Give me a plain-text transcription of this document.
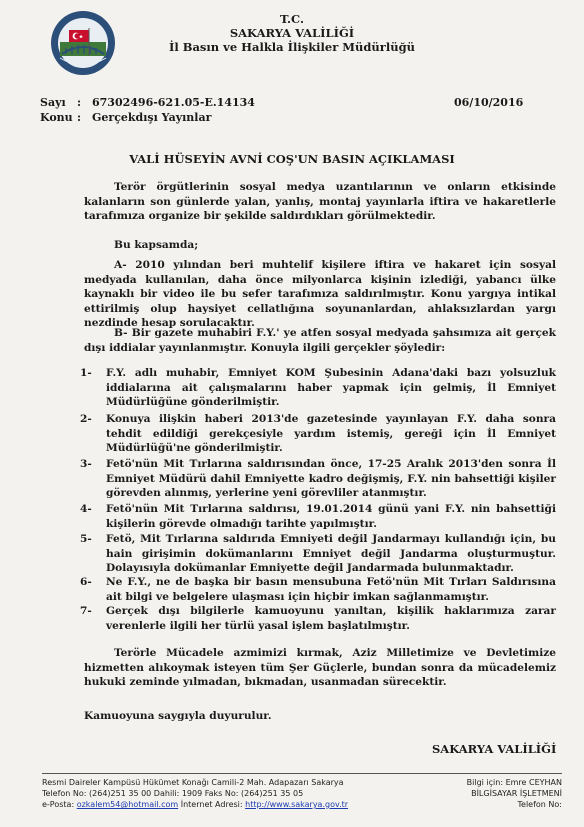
T.C.
SAKARYA VALİLİĞİ
İl Basın ve Halkla İlişkiler Müdürlüğü
Sayı : 67302496-621.05-E.14134	06/10/2016
Konu : Gerçekdışı Yayınlar
VALİ HÜSEYİN AVNİ COŞ'UN BASIN AÇIKLAMASI
Terör örgütlerinin sosyal medya uzantılarının ve onların etkisinde kalanların son günlerde yalan, yanlış, montaj yayınlarla iftira ve hakaretlerle tarafımıza organize bir şekilde saldırdıkları görülmektedir.
Bu kapsamda;
A- 2010 yılından beri muhtelif kişilere iftira ve hakaret için sosyal medyada kullanılan, daha önce milyonlarca kişinin izlediği, yabancı ülke kaynaklı bir video ile bu sefer tarafımıza saldırılmıştır. Konu yargıya intikal ettirilmiş olup haysiyet cellatlığına soyunanlardan, ahlaksızlardan yargı nezdinde hesap sorulacaktır.
B- Bir gazete muhabiri F.Y.' ye atfen sosyal medyada şahsımıza ait gerçek dışı iddialar yayınlanmıştır. Konuyla ilgili gerçekler şöyledir:
1-	F.Y. adlı muhabir, Emniyet KOM Şubesinin Adana'daki bazı yolsuzluk iddialarına ait çalışmalarını haber yapmak için gelmiş, İl Emniyet Müdürlüğüne gönderilmiştir.
2-	Konuya ilişkin haberi 2013'de gazetesinde yayınlayan F.Y. daha sonra tehdit edildiği gerekçesiyle yardım istemiş, gereği için İl Emniyet Müdürlüğü'ne gönderilmiştir.
3-	Fetö'nün Mit Tırlarına saldırısından önce, 17-25 Aralık 2013'den sonra İl Emniyet Müdürü dahil Emniyette kadro değişmiş, F.Y. nin bahsettiği kişiler görevden alınmış, yerlerine yeni görevliler atanmıştır.
4-	Fetö'nün Mit Tırlarına saldırısı, 19.01.2014 günü yani F.Y. nin bahsettiği kişilerin görevde olmadığı tarihte yapılmıştır.
5-	Fetö, Mit Tırlarına saldırıda Emniyeti değil Jandarmayı kullandığı için, bu hain girişimin dokümanlarını Emniyet değil Jandarma oluşturmuştur. Dolayısıyla dokümanlar Emniyette değil Jandarmada bulunmaktadır.
6-	Ne F.Y., ne de başka bir basın mensubuna Fetö'nün Mit Tırları Saldırısına ait bilgi ve belgelere ulaşması için hiçbir imkan sağlanmamıştır.
7-	Gerçek dışı bilgilerle kamuoyunu yanıltan, kişilik haklarımıza zarar verenlerle ilgili her türlü yasal işlem başlatılmıştır.
Terörle Mücadele azmimizi kırmak, Aziz Milletimize ve Devletimize hizmetten alıkoymak isteyen tüm Şer Güçlerle, bundan sonra da mücadelemiz hukuki zeminde yılmadan, bıkmadan, usanmadan sürecektir.
Kamuoyuna saygıyla duyurulur.
SAKARYA VALİLİĞİ
Resmi Daireler Kampüsü Hükümet Konağı Camili-2 Mah. Adapazarı Sakarya
Telefon No: (264)251 35 00 Dahili: 1909 Faks No: (264)251 35 05
e-Posta: ozkalem54@hotmail.com İnternet Adresi: http://www.sakarya.gov.tr
Bilgi için: Emre CEYHAN
BİLGİSAYAR İŞLETMENİ
Telefon No:
